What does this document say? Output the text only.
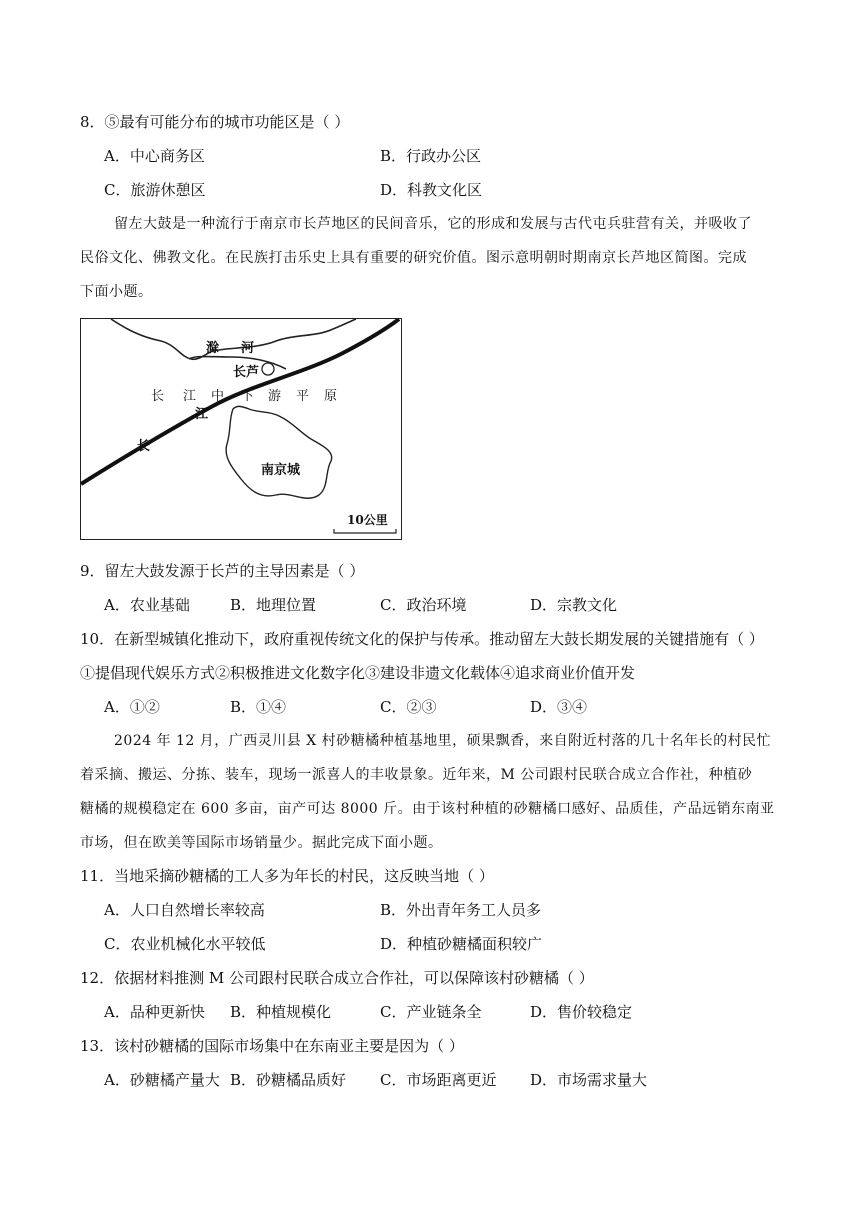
8．⑤最有可能分布的城市功能区是（ ）
A．中心商务区	B．行政办公区
C．旅游休憩区	D．科教文化区
留左大鼓是一种流行于南京市长芦地区的民间音乐，它的形成和发展与古代屯兵驻营有关，并吸收了
民俗文化、佛教文化。在民族打击乐史上具有重要的研究价值。图示意明朝时期南京长芦地区简图。完成
下面小题。
滁 河
长芦
长 江 中 下 游 平 原
江
长
南京城
10公里
9．留左大鼓发源于长芦的主导因素是（ ）
A．农业基础	B．地理位置	C．政治环境	D．宗教文化
10．在新型城镇化推动下，政府重视传统文化的保护与传承。推动留左大鼓长期发展的关键措施有（ ）
①提倡现代娱乐方式②积极推进文化数字化③建设非遗文化载体④追求商业价值开发
A．①②	B．①④	C．②③	D．③④
2024 年 12 月，广西灵川县 X 村砂糖橘种植基地里，硕果飘香，来自附近村落的几十名年长的村民忙
着采摘、搬运、分拣、装车，现场一派喜人的丰收景象。近年来，M 公司跟村民联合成立合作社，种植砂
糖橘的规模稳定在 600 多亩，亩产可达 8000 斤。由于该村种植的砂糖橘口感好、品质佳，产品远销东南亚
市场，但在欧美等国际市场销量少。据此完成下面小题。
11．当地采摘砂糖橘的工人多为年长的村民，这反映当地（ ）
A．人口自然增长率较高	B．外出青年务工人员多
C．农业机械化水平较低	D．种植砂糖橘面积较广
12．依据材料推测 M 公司跟村民联合成立合作社，可以保障该村砂糖橘（ ）
A．品种更新快 B．种植规模化	C．产业链条全	D．售价较稳定
13．该村砂糖橘的国际市场集中在东南亚主要是因为（ ）
A．砂糖橘产量大 B．砂糖橘品质好 C．市场距离更近 D．市场需求量大
